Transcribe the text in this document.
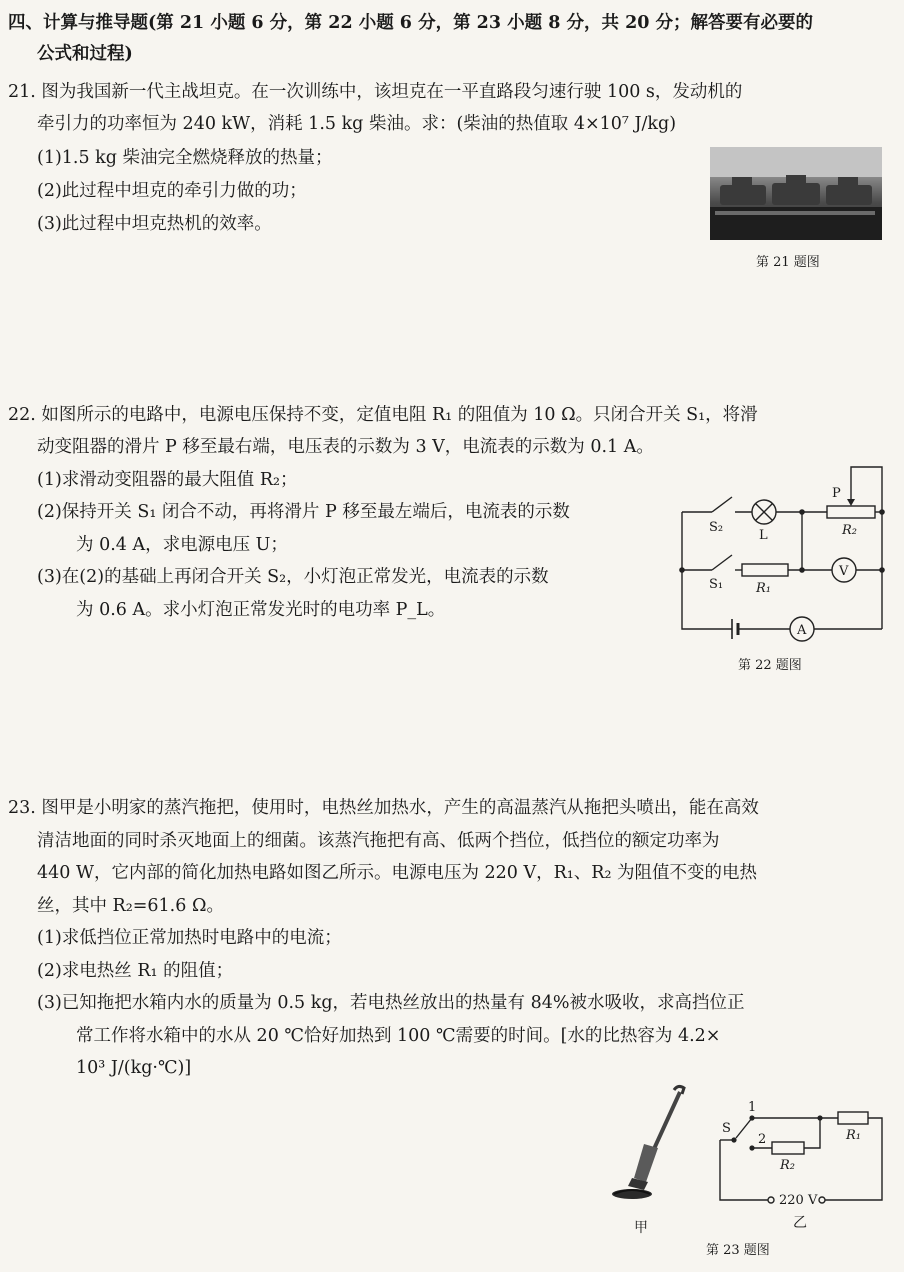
四、计算与推导题(第 21 小题 6 分，第 22 小题 6 分，第 23 小题 8 分，共 20 分；解答要有必要的
公式和过程)
21. 图为我国新一代主战坦克。在一次训练中，该坦克在一平直路段匀速行驶 100 s，发动机的
牵引力的功率恒为 240 kW，消耗 1.5 kg 柴油。求：(柴油的热值取 4×10⁷ J/kg)
(1)1.5 kg 柴油完全燃烧释放的热量；
(2)此过程中坦克的牵引力做的功；
(3)此过程中坦克热机的效率。
第 21 题图
22. 如图所示的电路中，电源电压保持不变，定值电阻 R₁ 的阻值为 10 Ω。只闭合开关 S₁，将滑
动变阻器的滑片 P 移至最右端，电压表的示数为 3 V，电流表的示数为 0.1 A。
(1)求滑动变阻器的最大阻值 R₂；
(2)保持开关 S₁ 闭合不动，再将滑片 P 移至最左端后，电流表的示数
为 0.4 A，求电源电压 U；
(3)在(2)的基础上再闭合开关 S₂，小灯泡正常发光，电流表的示数
为 0.6 A。求小灯泡正常发光时的电功率 P_L。
S₂
L
P
R₂
S₁	R₁
V
A
第 22 题图
23. 图甲是小明家的蒸汽拖把，使用时，电热丝加热水，产生的高温蒸汽从拖把头喷出，能在高效
清洁地面的同时杀灭地面上的细菌。该蒸汽拖把有高、低两个挡位，低挡位的额定功率为
440 W，它内部的简化加热电路如图乙所示。电源电压为 220 V，R₁、R₂ 为阻值不变的电热
丝，其中 R₂=61.6 Ω。
(1)求低挡位正常加热时电路中的电流；
(2)求电热丝 R₁ 的阻值；
(3)已知拖把水箱内水的质量为 0.5 kg，若电热丝放出的热量有 84%被水吸收，求高挡位正
常工作将水箱中的水从 20 ℃恰好加热到 100 ℃需要的时间。[水的比热容为 4.2×
10³ J/(kg·℃)]
甲
S
1
2	R₁
R₂
220 V
乙
第 23 题图
